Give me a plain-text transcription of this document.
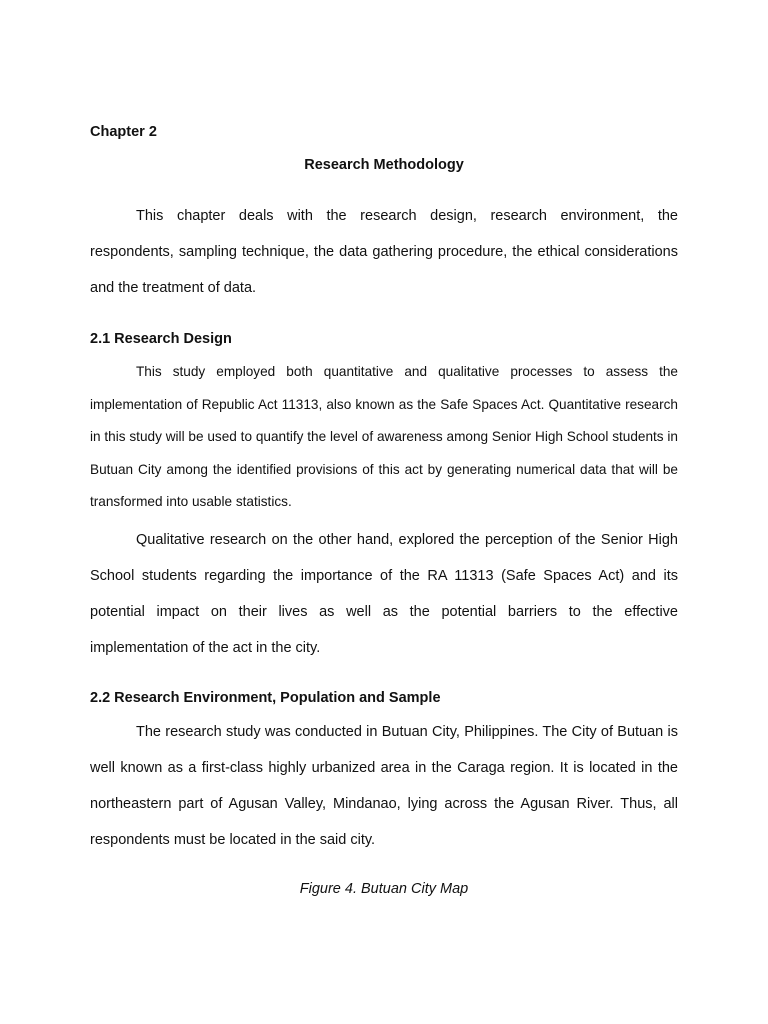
Chapter 2

Research Methodology

This chapter deals with the research design, research environment, the respondents, sampling technique, the data gathering procedure, the ethical considerations and the treatment of data.

2.1 Research Design

This study employed both quantitative and qualitative processes to assess the implementation of Republic Act 11313, also known as the Safe Spaces Act. Quantitative research in this study will be used to quantify the level of awareness among Senior High School students in Butuan City among the identified provisions of this act by generating numerical data that will be transformed into usable statistics.

Qualitative research on the other hand, explored the perception of the Senior High School students regarding the importance of the RA 11313 (Safe Spaces Act) and its potential impact on their lives as well as the potential barriers to the effective implementation of the act in the city.

2.2 Research Environment, Population and Sample

The research study was conducted in Butuan City, Philippines. The City of Butuan is well known as a first-class highly urbanized area in the Caraga region. It is located in the northeastern part of Agusan Valley, Mindanao, lying across the Agusan River. Thus, all respondents must be located in the said city.

Figure 4. Butuan City Map
